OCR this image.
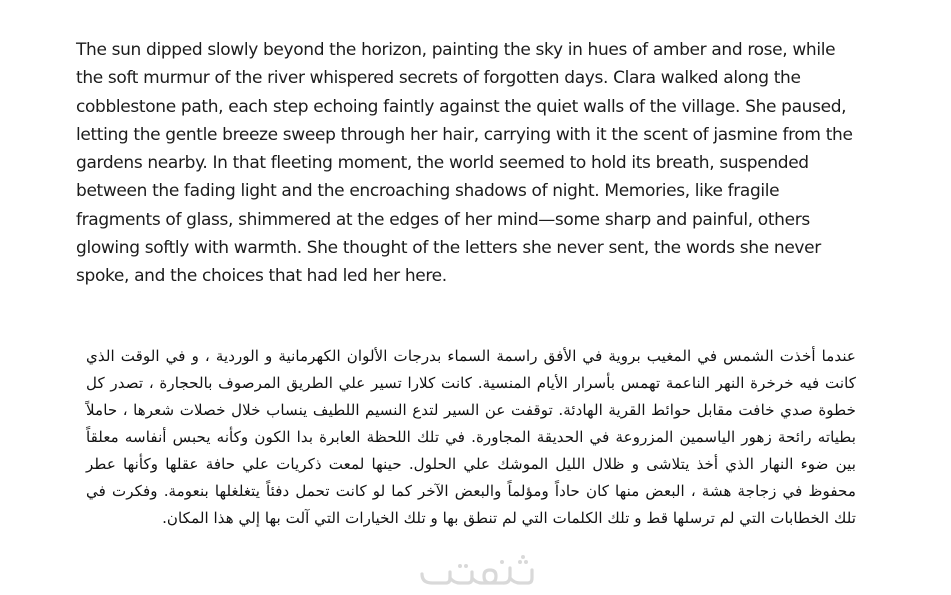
The sun dipped slowly beyond the horizon, painting the sky in hues of amber and rose, while the soft murmur of the river whispered secrets of forgotten days. Clara walked along the cobblestone path, each step echoing faintly against the quiet walls of the village. She paused, letting the gentle breeze sweep through her hair, carrying with it the scent of jasmine from the gardens nearby. In that fleeting moment, the world seemed to hold its breath, suspended between the fading light and the encroaching shadows of night. Memories, like fragile fragments of glass, shimmered at the edges of her mind—some sharp and painful, others glowing softly with warmth. She thought of the letters she never sent, the words she never spoke, and the choices that had led her here.

عندما أخذت الشمس في المغيب بروية في الأفق راسمة السماء بدرجات الألوان الكهرمانية و الوردية ، و في الوقت الذي كانت فيه خرخرة النهر الناعمة تهمس بأسرار الأيام المنسية. كانت كلارا تسير علي الطريق المرصوف بالحجارة ، تصدر كل خطوة صدي خافت مقابل حوائط القرية الهادئة. توقفت عن السير لتدع النسيم اللطيف ينساب خلال خصلات شعرها ، حاملاً بطياته رائحة زهور الياسمين المزروعة في الحديقة المجاورة. في تلك اللحظة العابرة بدا الكون وكأنه يحبس أنفاسه معلقاً بين ضوء النهار الذي أخذ يتلاشى و ظلال الليل الموشك علي الحلول. حينها لمعت ذكريات علي حافة عقلها وكأنها عطر محفوظ في زجاجة هشة ، البعض منها كان حاداً ومؤلماً والبعض الآخر كما لو كانت تحمل دفئاً يتغلغلها بنعومة. وفكرت في تلك الخطابات التي لم ترسلها قط و تلك الكلمات التي لم تنطق بها و تلك الخيارات التي آلت بها إلي هذا المكان.
